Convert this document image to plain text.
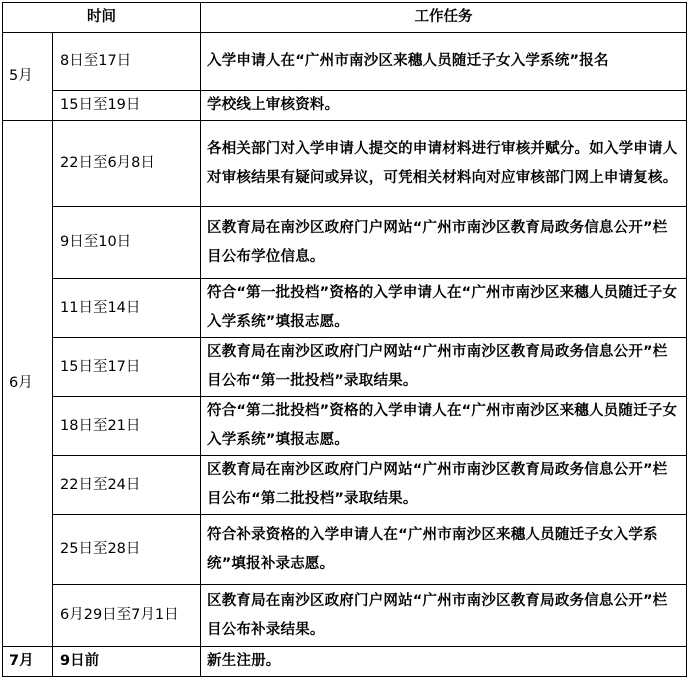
时间		工作任务
5月	8日至17日	入学申请人在“广州市南沙区来穗人员随迁子女入学系统”报名
	15日至19日	学校线上审核资料。
6月	22日至6月8日	各相关部门对入学申请人提交的申请材料进行审核并赋分。如入学申请人对审核结果有疑问或异议，可凭相关材料向对应审核部门网上申请复核。
	9日至10日	区教育局在南沙区政府门户网站“广州市南沙区教育局政务信息公开”栏目公布学位信息。
	11日至14日	符合“第一批投档”资格的入学申请人在“广州市南沙区来穗人员随迁子女入学系统”填报志愿。
	15日至17日	区教育局在南沙区政府门户网站“广州市南沙区教育局政务信息公开”栏目公布“第一批投档”录取结果。
	18日至21日	符合“第二批投档”资格的入学申请人在“广州市南沙区来穗人员随迁子女入学系统”填报志愿。
	22日至24日	区教育局在南沙区政府门户网站“广州市南沙区教育局政务信息公开”栏目公布“第二批投档”录取结果。
	25日至28日	符合补录资格的入学申请人在“广州市南沙区来穗人员随迁子女入学系统”填报补录志愿。
	6月29日至7月1日	区教育局在南沙区政府门户网站“广州市南沙区教育局政务信息公开”栏目公布补录结果。
7月	9日前	新生注册。
